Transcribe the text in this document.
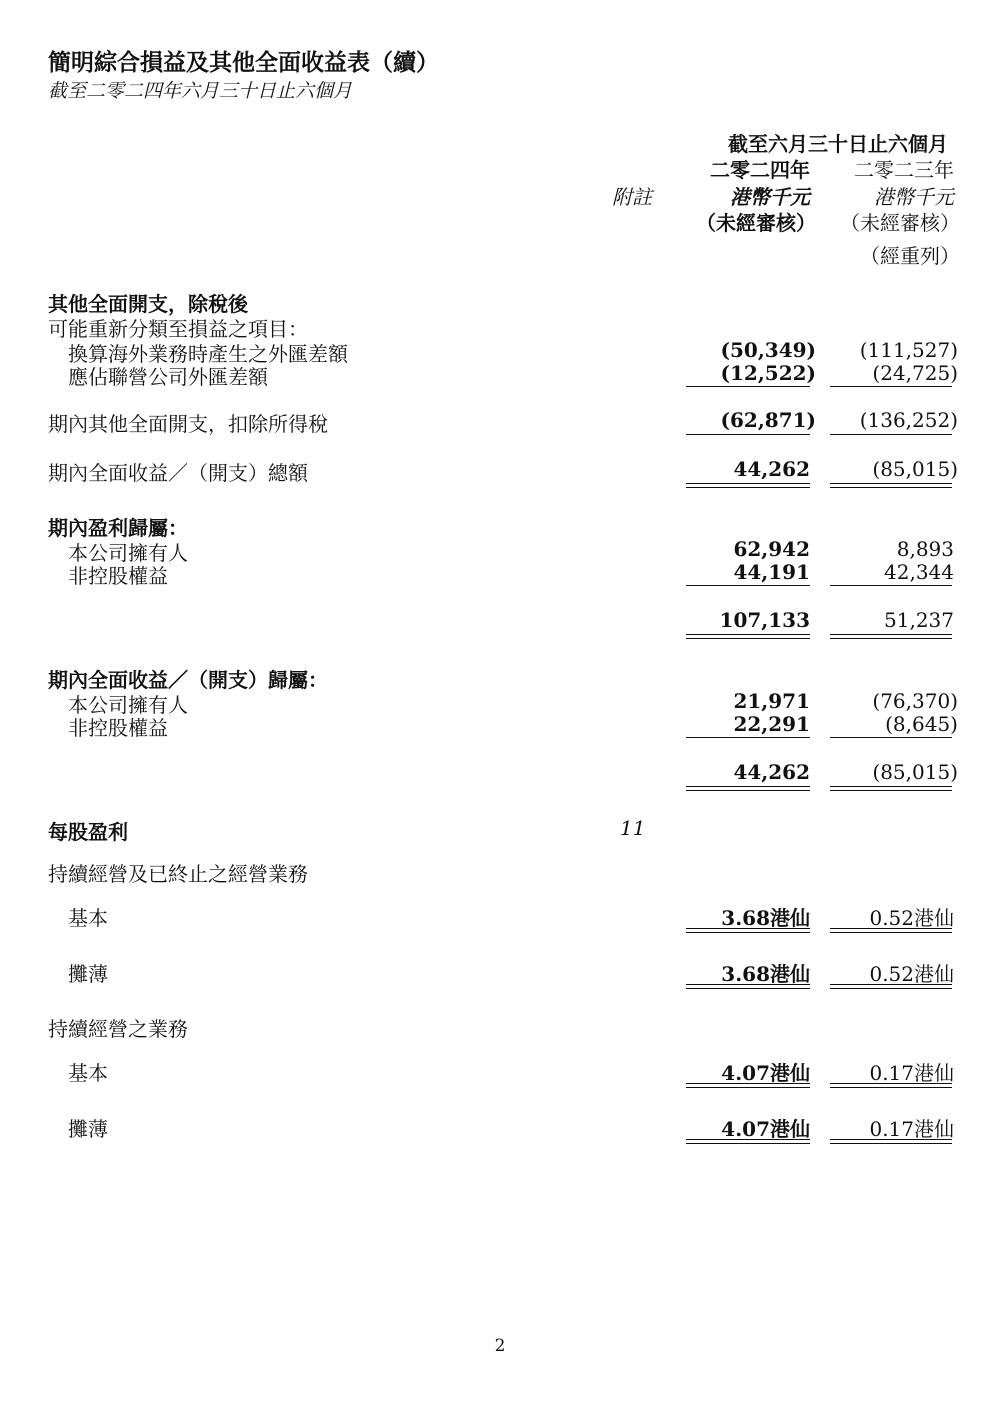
簡明綜合損益及其他全面收益表（續）
截至二零二四年六月三十日止六個月
截至六月三十日止六個月
二零二四年 二零二三年
附註	港幣千元	港幣千元
（未經審核） （未經審核）
（經重列）
其他全面開支，除稅後
可能重新分類至損益之項目：
換算海外業務時產生之外匯差額	(50,349) (111,527)
應佔聯營公司外匯差額	(12,522)	(24,725)
期內其他全面開支，扣除所得稅	(62,871) (136,252)
期內全面收益／（開支）總額	44,262	(85,015)
期內盈利歸屬：
本公司擁有人	62,942	8,893
非控股權益	44,191	42,344
107,133	51,237
期內全面收益／（開支）歸屬：
本公司擁有人	21,971	(76,370)
非控股權益	22,291	(8,645)
44,262	(85,015)
每股盈利	11
持續經營及已終止之經營業務
基本	3.68港仙	0.52港仙
攤薄	3.68港仙	0.52港仙
持續經營之業務
基本	4.07港仙	0.17港仙
攤薄	4.07港仙	0.17港仙
2
